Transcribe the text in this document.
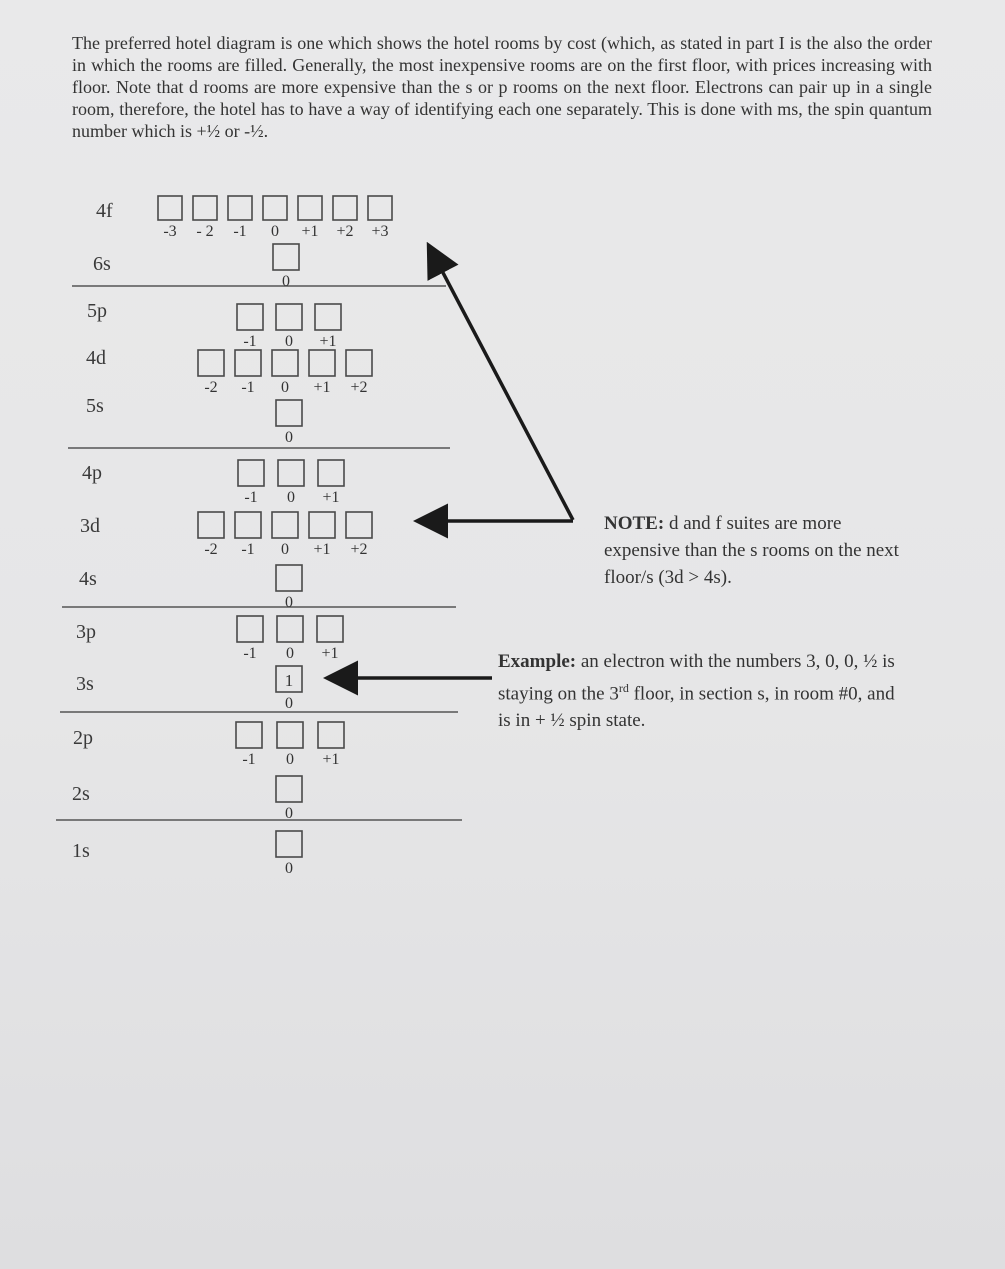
The preferred hotel diagram is one which shows the hotel rooms by cost (which, as stated in part I is the also the order in which the rooms are filled. Generally, the most inexpensive rooms are on the first floor, with prices increasing with floor. Note that d rooms are more expensive than the s or p rooms on the next floor. Electrons can pair up in a single room, therefore, the hotel has to have a way of identifying each one separately. This is done with ms, the spin quantum number which is +½ or -½.

4f
-3 - 2 -1 0 +1 +2 +3
6s
0
5p
-1 0 +1
4d
-2 -1 0 +1 +2
5s
0
4p
-1 0 +1
3d
-2 -1 0 +1 +2
4s
0
3p
-1 0 +1
3s	1
0
2p
-1 0 +1
2s
0
1s
0

NOTE: d and f suites are more expensive than the s rooms on the next floor/s (3d > 4s).

Example: an electron with the numbers 3, 0, 0, ½ is staying on the 3rd floor, in section s, in room #0, and is in + ½ spin state.
